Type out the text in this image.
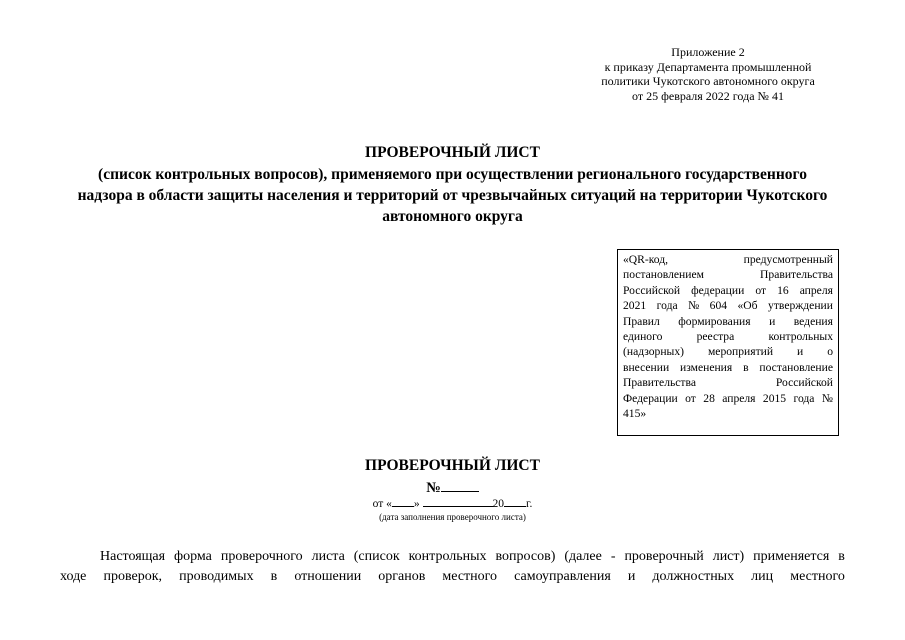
Приложение 2
к приказу Департамента промышленной
политики Чукотского автономного округа
от 25 февраля 2022 года № 41
ПРОВЕРОЧНЫЙ ЛИСТ
(список контрольных вопросов), применяемого при осуществлении регионального государственного
надзора в области защиты населения и территорий от чрезвычайных ситуаций на территории Чукотского
автономного округа
«QR-код,	предусмотренный
постановлением	Правительства
Российской федерации от 16 апреля
2021 года № 604 «Об утверждении
Правил формирования и ведения
единого	реестра	контрольных
(надзорных) мероприятий и о
внесении изменения в постановление
Правительства	Российской
Федерации от 28 апреля 2015 года №
415»
ПРОВЕРОЧНЫЙ ЛИСТ
№
от « »	20 г.
(дата заполнения проверочного листа)
Настоящая форма проверочного листа (список контрольных вопросов) (далее - проверочный лист) применяется в
ходе проверок, проводимых в отношении органов местного самоуправления и должностных лиц местного
